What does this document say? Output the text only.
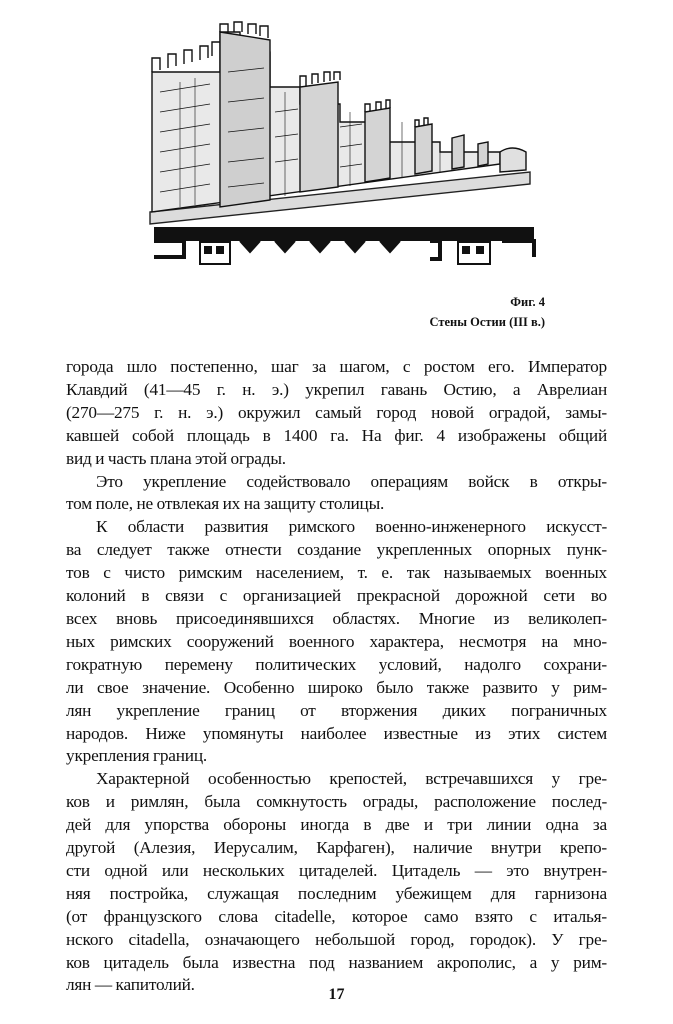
Фиг. 4
Стены Остии (III в.)
города шло постепенно, шаг за шагом, с ростом его. Император
Клавдий (41—45 г. н. э.) укрепил гавань Остию, а Аврелиан
(270—275 г. н. э.) окружил самый город новой оградой, замы-
кавшей собой площадь в 1400 га. На фиг. 4 изображены общий
вид и часть плана этой ограды.
Это укрепление содействовало операциям войск в откры-
том поле, не отвлекая их на защиту столицы.
К области развития римского военно-инженерного искусст-
ва следует также отнести создание укрепленных опорных пунк-
тов с чисто римским населением, т. е. так называемых военных
колоний в связи с организацией прекрасной дорожной сети во
всех вновь присоединявшихся областях. Многие из великолеп-
ных римских сооружений военного характера, несмотря на мно-
гократную перемену политических условий, надолго сохрани-
ли свое значение. Особенно широко было также развито у рим-
лян укрепление границ от вторжения диких пограничных
народов. Ниже упомянуты наиболее известные из этих систем
укрепления границ.
Характерной особенностью крепостей, встречавшихся у гре-
ков и римлян, была сомкнутость ограды, расположение послед-
дей для упорства обороны иногда в две и три линии одна за
другой (Алезия, Иерусалим, Карфаген), наличие внутри крепо-
сти одной или нескольких цитаделей. Цитадель — это внутрен-
няя постройка, служащая последним убежищем для гарнизона
(от французского слова citadelle, которое само взято с италья-
нского citadella, означающего небольшой город, городок). У гре-
ков цитадель была известна под названием акрополис, а у рим-
лян — капитолий.
17
